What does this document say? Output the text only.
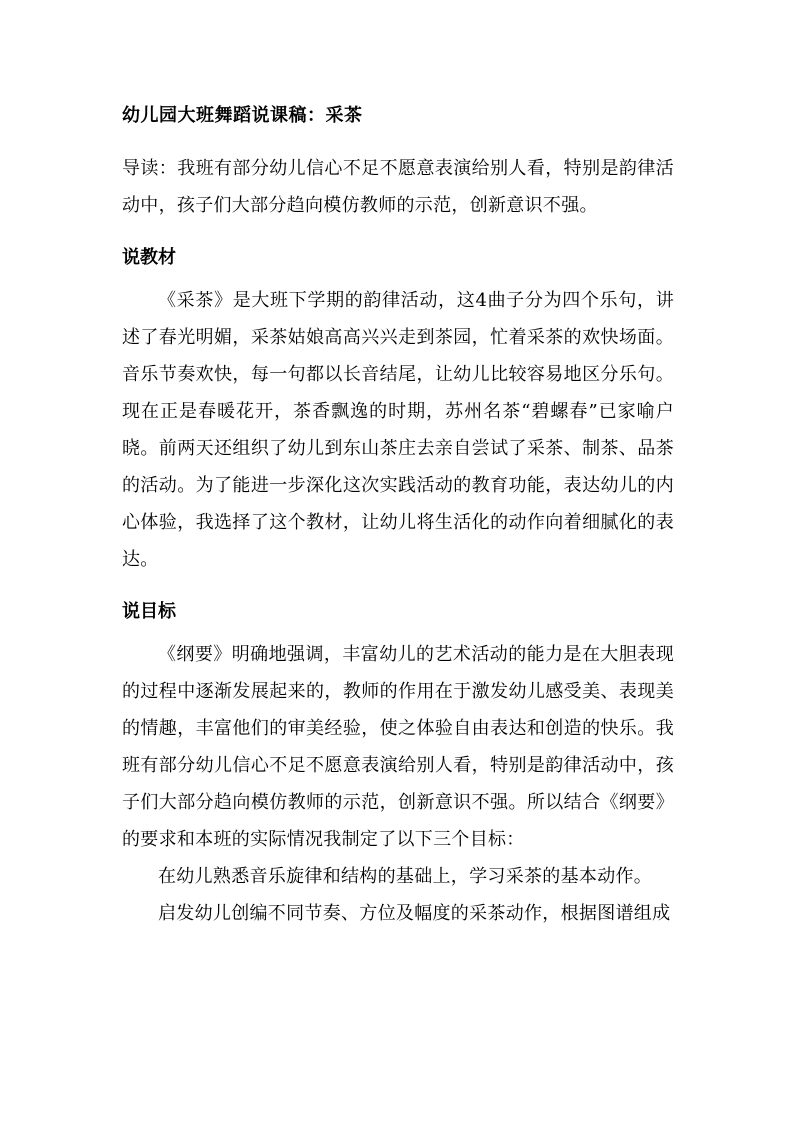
幼儿园大班舞蹈说课稿：采茶

导读：我班有部分幼儿信心不足不愿意表演给别人看，特别是韵律活动中，孩子们大部分趋向模仿教师的示范，创新意识不强。

说教材

《采茶》是大班下学期的韵律活动，这4曲子分为四个乐句，讲述了春光明媚，采茶姑娘高高兴兴走到茶园，忙着采茶的欢快场面。音乐节奏欢快，每一句都以长音结尾，让幼儿比较容易地区分乐句。现在正是春暖花开，茶香飘逸的时期，苏州名茶“碧螺春”已家喻户晓。前两天还组织了幼儿到东山茶庄去亲自尝试了采茶、制茶、品茶的活动。为了能进一步深化这次实践活动的教育功能，表达幼儿的内心体验，我选择了这个教材，让幼儿将生活化的动作向着细腻化的表达。

说目标

《纲要》明确地强调，丰富幼儿的艺术活动的能力是在大胆表现的过程中逐渐发展起来的，教师的作用在于激发幼儿感受美、表现美的情趣，丰富他们的审美经验，使之体验自由表达和创造的快乐。我班有部分幼儿信心不足不愿意表演给别人看，特别是韵律活动中，孩子们大部分趋向模仿教师的示范，创新意识不强。所以结合《纲要》的要求和本班的实际情况我制定了以下三个目标：

在幼儿熟悉音乐旋律和结构的基础上，学习采茶的基本动作。

启发幼儿创编不同节奏、方位及幅度的采茶动作，根据图谱组成
